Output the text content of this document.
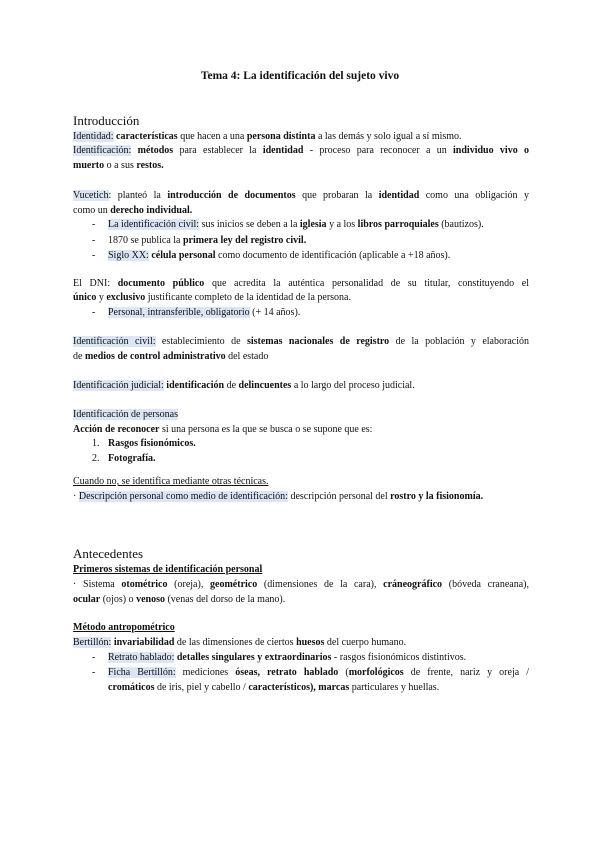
Tema 4: La identificación del sujeto vivo
Introducción
Identidad: características que hacen a una persona distinta a las demás y solo igual a sí mismo.
Identificación: métodos para establecer la identidad - proceso para reconocer a un individuo vivo o
muerto o a sus restos.
Vucetich: planteó la introducción de documentos que probaran la identidad como una obligación y
como un derecho individual.
- La identificación civil: sus inicios se deben a la iglesia y a los libros parroquiales (bautizos).
- 1870 se publica la primera ley del registro civil.
- Siglo XX: célula personal como documento de identificación (aplicable a +18 años).
El DNI: documento público que acredita la auténtica personalidad de su titular, constituyendo el
único y exclusivo justificante completo de la identidad de la persona.
- Personal, intransferible, obligatorio (+ 14 años).
Identificación civil: establecimiento de sistemas nacionales de registro de la población y elaboración
de medios de control administrativo del estado
Identificación judicial: identificación de delincuentes a lo largo del proceso judicial.
Identificación de personas
Acción de reconocer si una persona es la que se busca o se supone que es:
1. Rasgos fisionómicos.
2. Fotografía.
Cuando no, se identifica mediante otras técnicas.
· Descripción personal como medio de identificación: descripción personal del rostro y la fisionomía.
Antecedentes
Primeros sistemas de identificación personal
· Sistema otométrico (oreja), geométrico (dimensiones de la cara), cráneográfico (bóveda craneana),
ocular (ojos) o venoso (venas del dorso de la mano).
Método antropométrico
Bertillón: invariabilidad de las dimensiones de ciertos huesos del cuerpo humano.
- Retrato hablado: detalles singulares y extraordinarios - rasgos fisionómicos distintivos.
- Ficha Bertillón: mediciones óseas, retrato hablado (morfológicos de frente, nariz y oreja /
cromáticos de iris, piel y cabello / característicos), marcas particulares y huellas.
